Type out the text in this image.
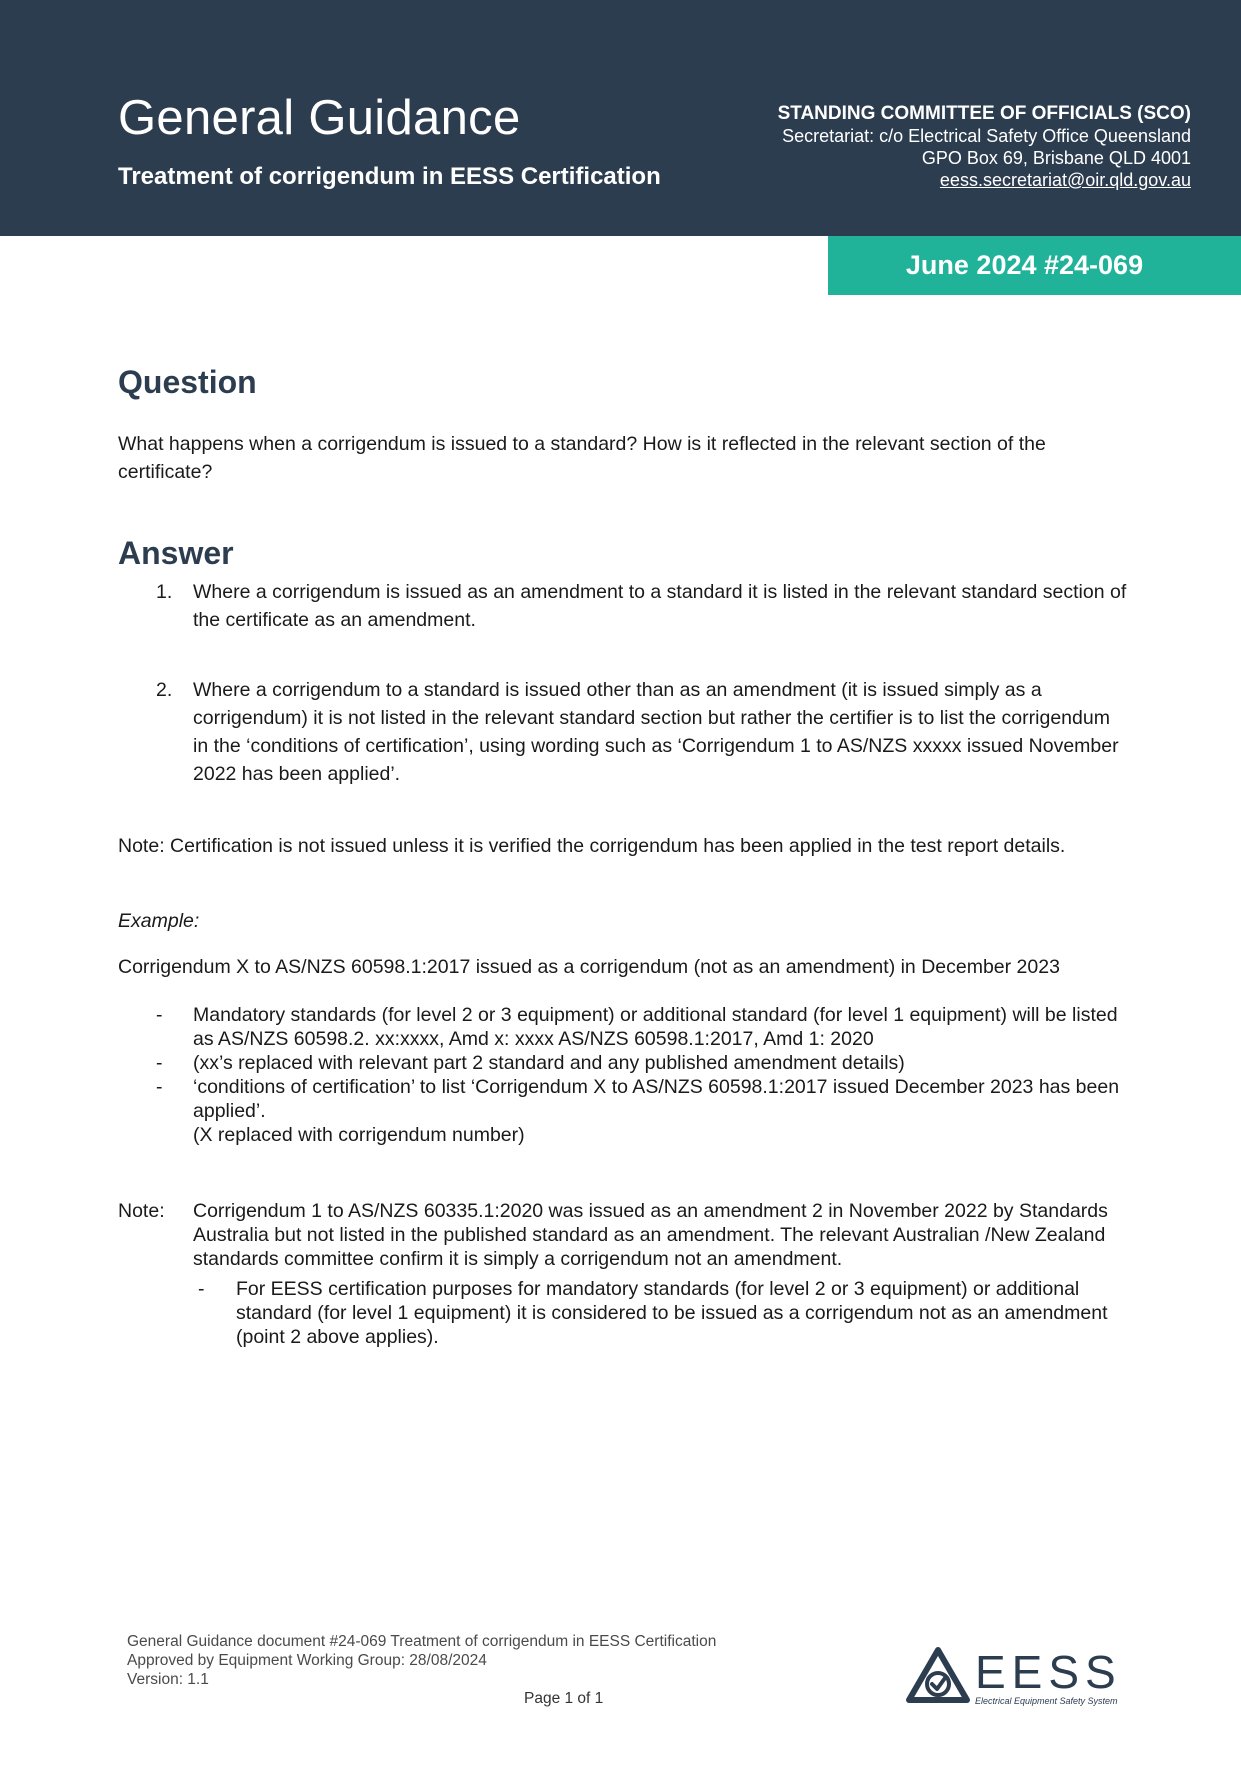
General Guidance
Treatment of corrigendum in EESS Certification
STANDING COMMITTEE OF OFFICIALS (SCO)
Secretariat: c/o Electrical Safety Office Queensland
GPO Box 69, Brisbane QLD 4001
eess.secretariat@oir.qld.gov.au
June 2024 #24-069
Question
What happens when a corrigendum is issued to a standard? How is it reflected in the relevant section of the certificate?
Answer
1. Where a corrigendum is issued as an amendment to a standard it is listed in the relevant standard section of the certificate as an amendment.
2. Where a corrigendum to a standard is issued other than as an amendment (it is issued simply as a corrigendum) it is not listed in the relevant standard section but rather the certifier is to list the corrigendum in the ‘conditions of certification’, using wording such as ‘Corrigendum 1 to AS/NZS xxxxx issued November 2022 has been applied’.
Note: Certification is not issued unless it is verified the corrigendum has been applied in the test report details.
Example:
Corrigendum X to AS/NZS 60598.1:2017 issued as a corrigendum (not as an amendment) in December 2023
- Mandatory standards (for level 2 or 3 equipment) or additional standard (for level 1 equipment) will be listed as AS/NZS 60598.2. xx:xxxx, Amd x: xxxx AS/NZS 60598.1:2017, Amd 1: 2020
- (xx’s replaced with relevant part 2 standard and any published amendment details)
- ‘conditions of certification’ to list ‘Corrigendum X to AS/NZS 60598.1:2017 issued December 2023 has been applied’.
(X replaced with corrigendum number)
Note: Corrigendum 1 to AS/NZS 60335.1:2020 was issued as an amendment 2 in November 2022 by Standards Australia but not listed in the published standard as an amendment. The relevant Australian /New Zealand standards committee confirm it is simply a corrigendum not an amendment.
- For EESS certification purposes for mandatory standards (for level 2 or 3 equipment) or additional standard (for level 1 equipment) it is considered to be issued as a corrigendum not as an amendment (point 2 above applies).
General Guidance document #24-069 Treatment of corrigendum in EESS Certification
Approved by Equipment Working Group: 28/08/2024
Version: 1.1
Page 1 of 1
EESS
Electrical Equipment Safety System
